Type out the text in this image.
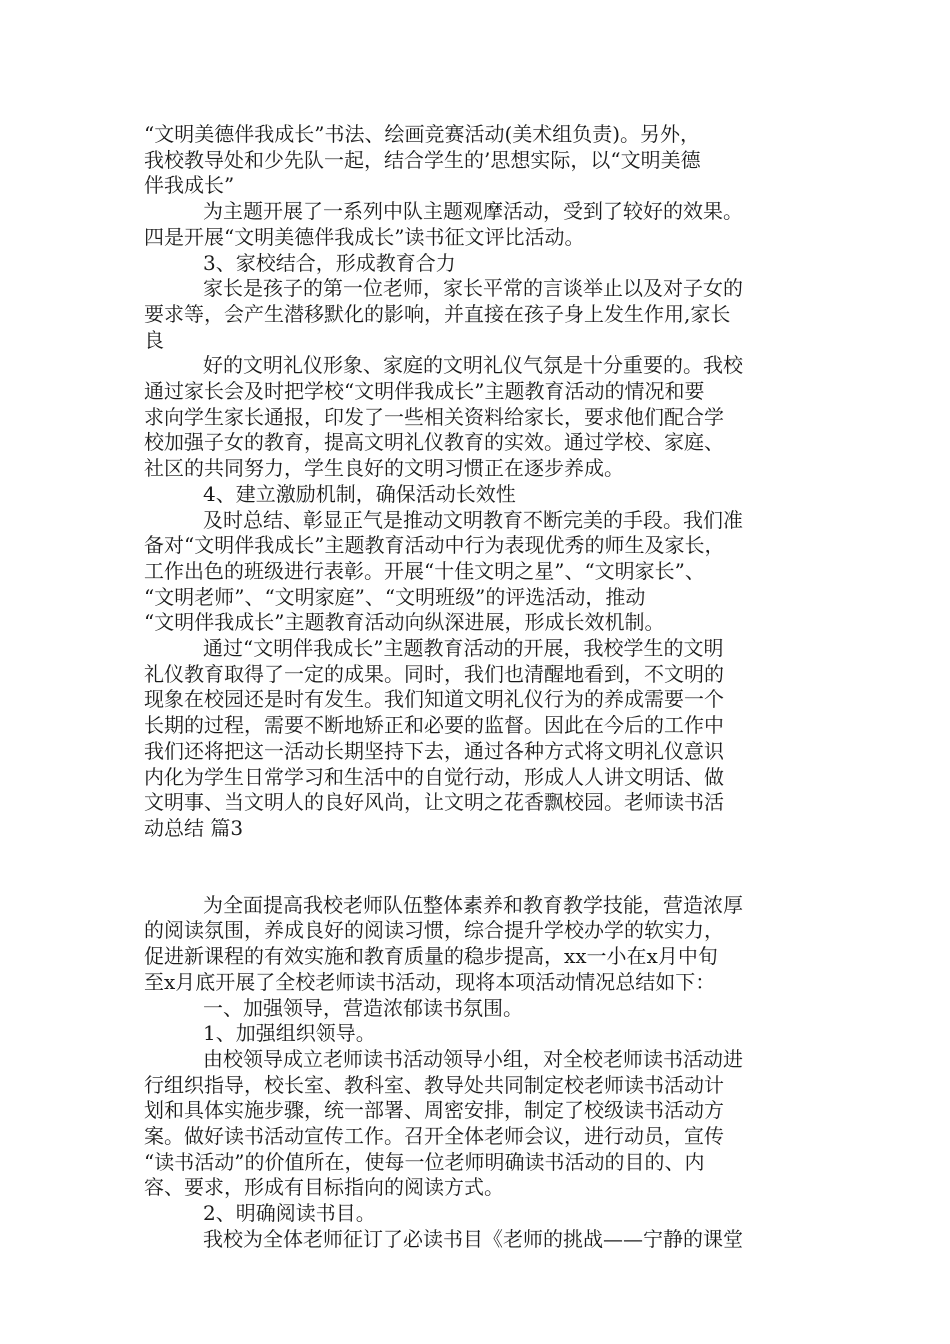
“文明美德伴我成长”书法、绘画竞赛活动(美术组负责)。另外，

我校教导处和少先队一起，结合学生的’思想实际，以“文明美德

伴我成长”

为主题开展了一系列中队主题观摩活动，受到了较好的效果。

四是开展“文明美德伴我成长”读书征文评比活动。

3、家校结合，形成教育合力

家长是孩子的第一位老师，家长平常的言谈举止以及对子女的

要求等，会产生潜移默化的影响，并直接在孩子身上发生作用,家长

良

好的文明礼仪形象、家庭的文明礼仪气氛是十分重要的。我校

通过家长会及时把学校“文明伴我成长”主题教育活动的情况和要

求向学生家长通报，印发了一些相关资料给家长，要求他们配合学

校加强子女的教育，提高文明礼仪教育的实效。通过学校、家庭、

社区的共同努力，学生良好的文明习惯正在逐步养成。

4、建立激励机制，确保活动长效性

及时总结、彰显正气是推动文明教育不断完美的手段。我们准

备对“文明伴我成长”主题教育活动中行为表现优秀的师生及家长，

工作出色的班级进行表彰。开展“十佳文明之星”、“文明家长”、

“文明老师”、“文明家庭”、“文明班级”的评选活动，推动

“文明伴我成长”主题教育活动向纵深进展，形成长效机制。

通过“文明伴我成长”主题教育活动的开展，我校学生的文明

礼仪教育取得了一定的成果。同时，我们也清醒地看到，不文明的

现象在校园还是时有发生。我们知道文明礼仪行为的养成需要一个

长期的过程，需要不断地矫正和必要的监督。因此在今后的工作中

我们还将把这一活动长期坚持下去，通过各种方式将文明礼仪意识

内化为学生日常学习和生活中的自觉行动，形成人人讲文明话、做

文明事、当文明人的良好风尚，让文明之花香飘校园。老师读书活

动总结 篇3

为全面提高我校老师队伍整体素养和教育教学技能，营造浓厚

的阅读氛围，养成良好的阅读习惯，综合提升学校办学的软实力，

促进新课程的有效实施和教育质量的稳步提高，xx一小在x月中旬

至x月底开展了全校老师读书活动，现将本项活动情况总结如下：

一、加强领导，营造浓郁读书氛围。

1、加强组织领导。

由校领导成立老师读书活动领导小组，对全校老师读书活动进

行组织指导，校长室、教科室、教导处共同制定校老师读书活动计

划和具体实施步骤，统一部署、周密安排，制定了校级读书活动方

案。做好读书活动宣传工作。召开全体老师会议，进行动员，宣传

“读书活动”的价值所在，使每一位老师明确读书活动的目的、内

容、要求，形成有目标指向的阅读方式。

2、明确阅读书目。

我校为全体老师征订了必读书目《老师的挑战——宁静的课堂
